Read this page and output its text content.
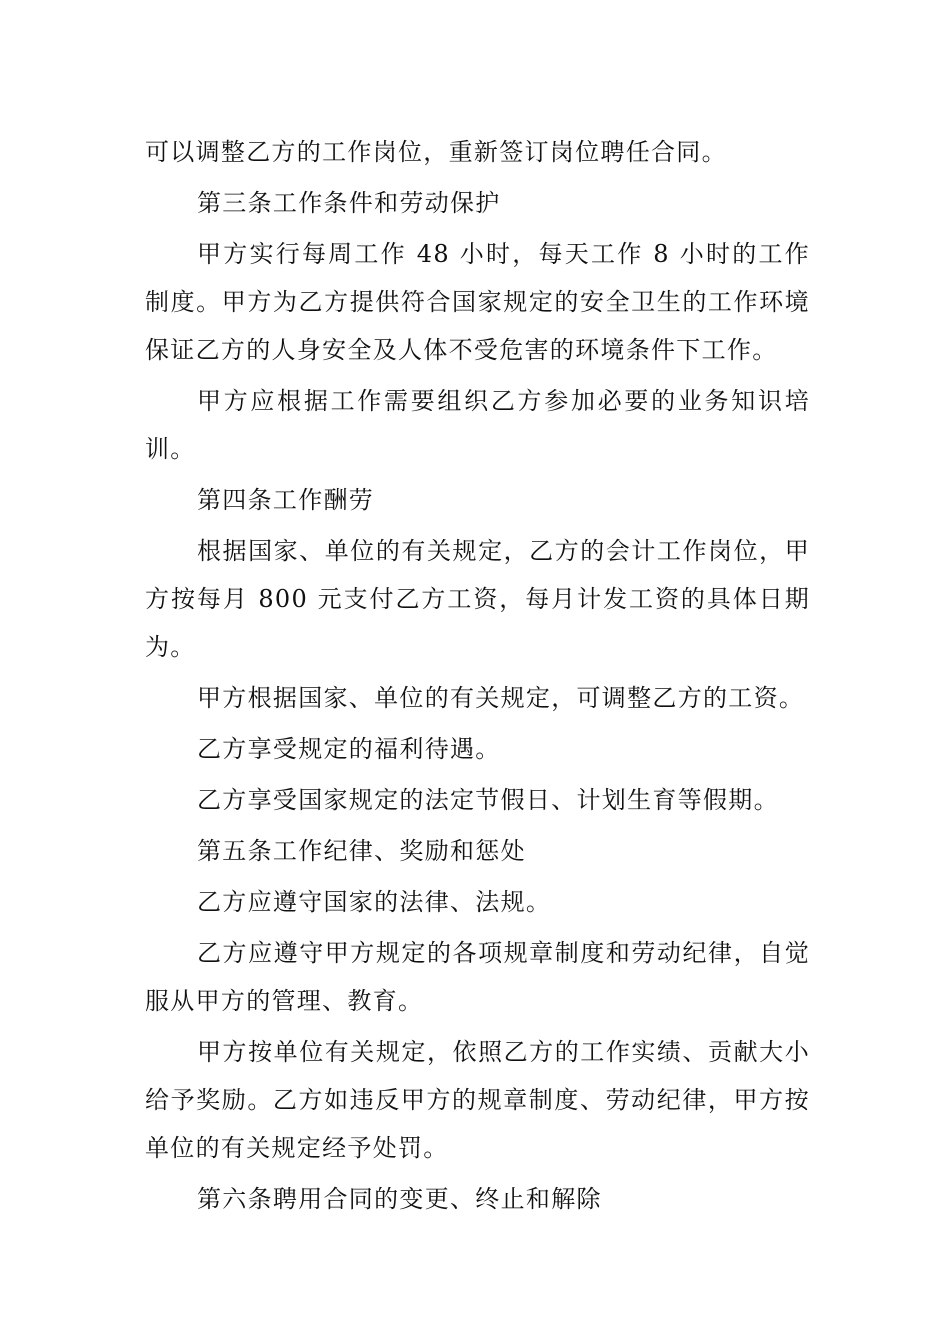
可以调整乙方的工作岗位，重新签订岗位聘任合同。

第三条工作条件和劳动保护

甲方实行每周工作 48 小时，每天工作 8 小时的工作制度。甲方为乙方提供符合国家规定的安全卫生的工作环境保证乙方的人身安全及人体不受危害的环境条件下工作。

甲方应根据工作需要组织乙方参加必要的业务知识培训。

第四条工作酬劳

根据国家、单位的有关规定，乙方的会计工作岗位，甲方按每月 800 元支付乙方工资，每月计发工资的具体日期为。

甲方根据国家、单位的有关规定，可调整乙方的工资。

乙方享受规定的福利待遇。

乙方享受国家规定的法定节假日、计划生育等假期。

第五条工作纪律、奖励和惩处

乙方应遵守国家的法律、法规。

乙方应遵守甲方规定的各项规章制度和劳动纪律，自觉服从甲方的管理、教育。

甲方按单位有关规定，依照乙方的工作实绩、贡献大小给予奖励。乙方如违反甲方的规章制度、劳动纪律，甲方按单位的有关规定经予处罚。

第六条聘用合同的变更、终止和解除
